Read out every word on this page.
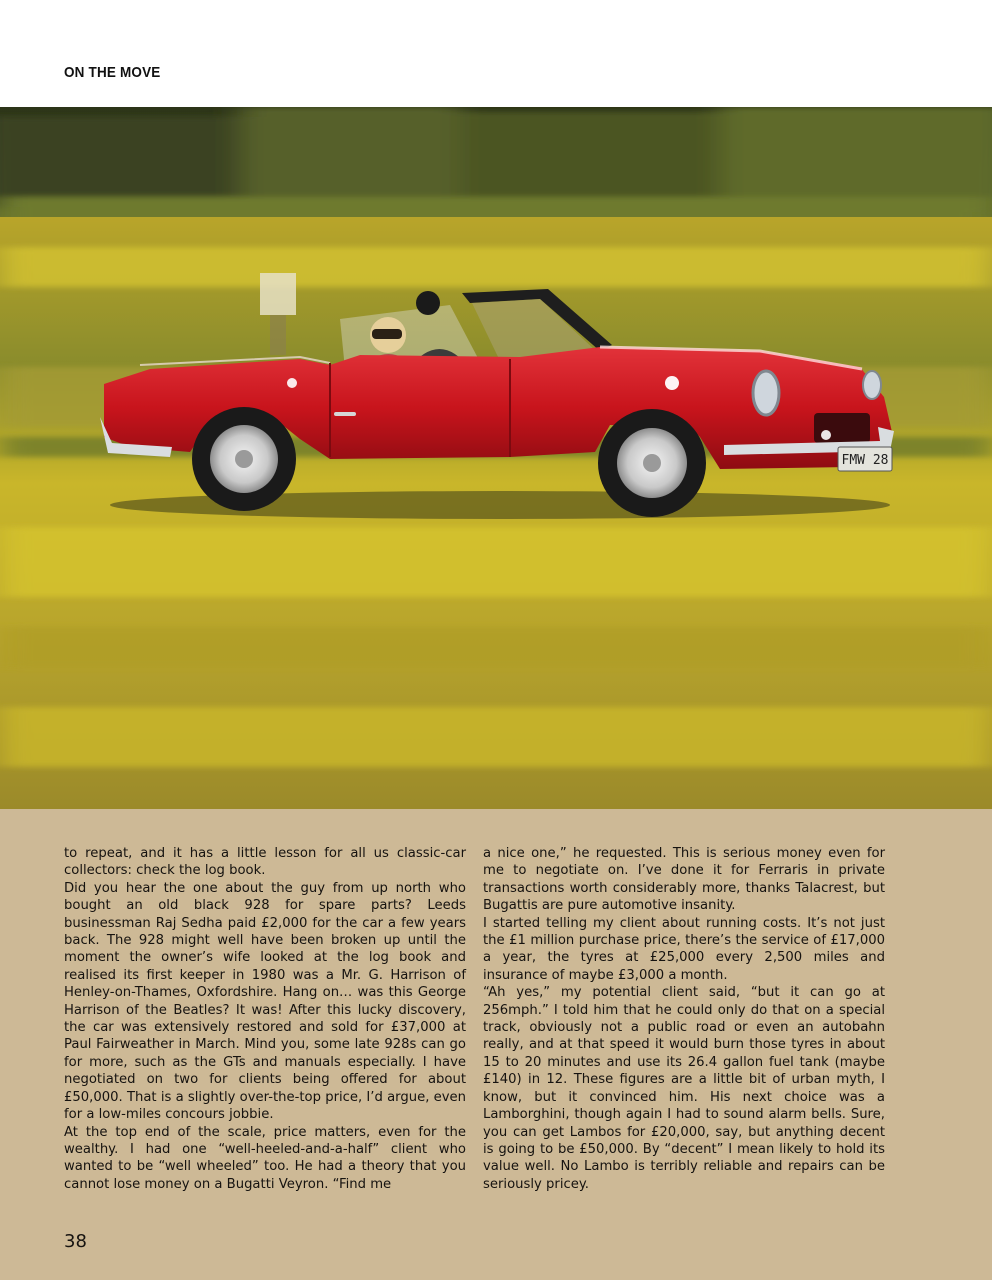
ON THE MOVE
FMW 28

to repeat, and it has a little lesson for all us classic-car collectors: check the log book.

Did you hear the one about the guy from up north who bought an old black 928 for spare parts? Leeds businessman Raj Sedha paid £2,000 for the car a few years back. The 928 might well have been broken up until the moment the owner’s wife looked at the log book and realised its first keeper in 1980 was a Mr. G. Harrison of Henley-on-Thames, Oxfordshire. Hang on… was this George Harrison of the Beatles? It was! After this lucky discovery, the car was extensively restored and sold for £37,000 at Paul Fairweather in March. Mind you, some late 928s can go for more, such as the GTs and manuals especially. I have negotiated on two for clients being offered for about £50,000. That is a slightly over-the-top price, I’d argue, even for a low-miles concours jobbie.

At the top end of the scale, price matters, even for the wealthy. I had one “well-heeled-and-a-half” client who wanted to be “well wheeled” too. He had a theory that you cannot lose money on a Bugatti Veyron. “Find me

a nice one,” he requested. This is serious money even for me to negotiate on. I’ve done it for Ferraris in private transactions worth considerably more, thanks Talacrest, but Bugattis are pure automotive insanity.

I started telling my client about running costs. It’s not just the £1 million purchase price, there’s the service of £17,000 a year, the tyres at £25,000 every 2,500 miles and insurance of maybe £3,000 a month.

“Ah yes,” my potential client said, “but it can go at 256mph.” I told him that he could only do that on a special track, obviously not a public road or even an autobahn really, and at that speed it would burn those tyres in about 15 to 20 minutes and use its 26.4 gallon fuel tank (maybe £140) in 12. These figures are a little bit of urban myth, I know, but it convinced him. His next choice was a Lamborghini, though again I had to sound alarm bells. Sure, you can get Lambos for £20,000, say, but anything decent is going to be £50,000. By “decent” I mean likely to hold its value well. No Lambo is terribly reliable and repairs can be seriously pricey.

38
